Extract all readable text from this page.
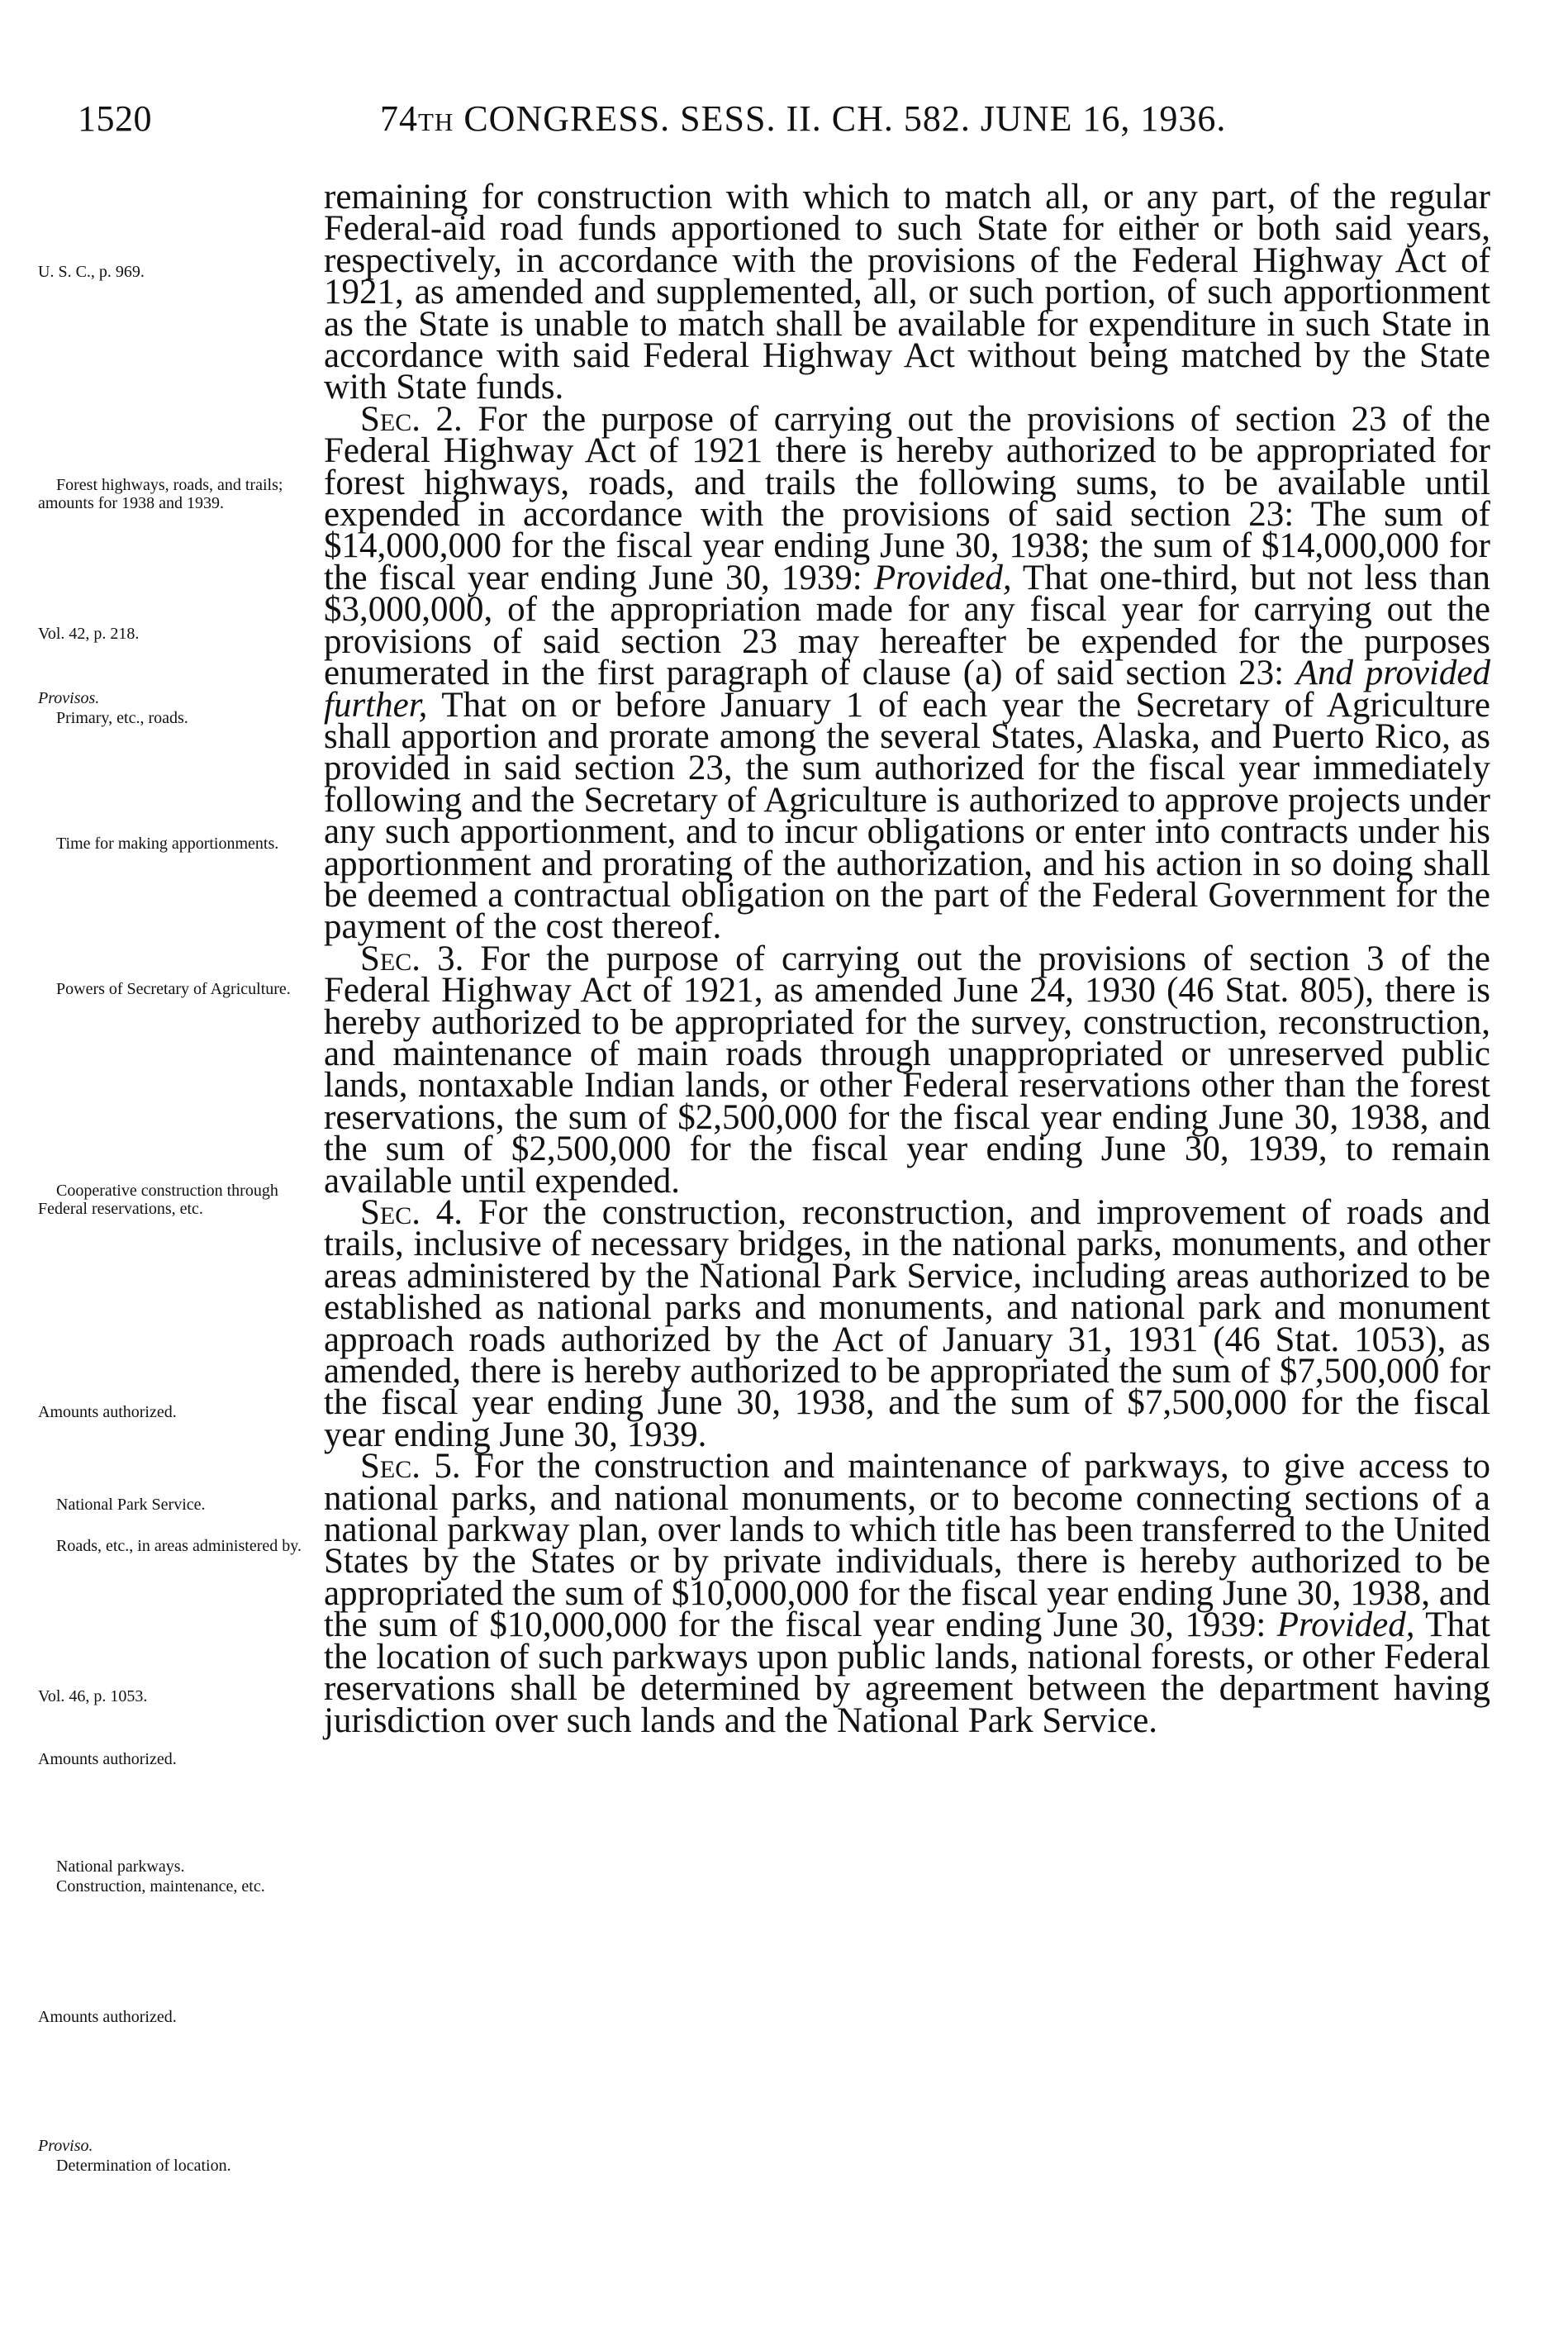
1520	74th CONGRESS. SESS. II. CH. 582. JUNE 16, 1936.

remaining for construction with which to match all, or any part, of the regular Federal-aid road funds apportioned to such State for either or both said years, respectively, in accordance with the provisions of the Federal Highway Act of 1921, as amended and supplemented, all, or such portion, of such apportionment as the State is unable to match shall be available for expenditure in such State in accordance with said Federal Highway Act without being matched by the State with State funds.

Sec. 2. For the purpose of carrying out the provisions of section 23 of the Federal Highway Act of 1921 there is hereby authorized to be appropriated for forest highways, roads, and trails the following sums, to be available until expended in accordance with the provisions of said section 23: The sum of $14,000,000 for the fiscal year ending June 30, 1938; the sum of $14,000,000 for the fiscal year ending June 30, 1939: Provided, That one-third, but not less than $3,000,000, of the appropriation made for any fiscal year for carrying out the provisions of said section 23 may hereafter be expended for the purposes enumerated in the first paragraph of clause (a) of said section 23: And provided further, That on or before January 1 of each year the Secretary of Agriculture shall apportion and prorate among the several States, Alaska, and Puerto Rico, as provided in said section 23, the sum authorized for the fiscal year immediately following and the Secretary of Agriculture is authorized to approve projects under any such apportionment, and to incur obligations or enter into contracts under his apportionment and prorating of the authorization, and his action in so doing shall be deemed a contractual obligation on the part of the Federal Government for the payment of the cost thereof.

Sec. 3. For the purpose of carrying out the provisions of section 3 of the Federal Highway Act of 1921, as amended June 24, 1930 (46 Stat. 805), there is hereby authorized to be appropriated for the survey, construction, reconstruction, and maintenance of main roads through unappropriated or unreserved public lands, nontaxable Indian lands, or other Federal reservations other than the forest reservations, the sum of $2,500,000 for the fiscal year ending June 30, 1938, and the sum of $2,500,000 for the fiscal year ending June 30, 1939, to remain available until expended.

Sec. 4. For the construction, reconstruction, and improvement of roads and trails, inclusive of necessary bridges, in the national parks, monuments, and other areas administered by the National Park Service, including areas authorized to be established as national parks and monuments, and national park and monument approach roads authorized by the Act of January 31, 1931 (46 Stat. 1053), as amended, there is hereby authorized to be appropriated the sum of $7,500,000 for the fiscal year ending June 30, 1938, and the sum of $7,500,000 for the fiscal year ending June 30, 1939.

Sec. 5. For the construction and maintenance of parkways, to give access to national parks, and national monuments, or to become connecting sections of a national parkway plan, over lands to which title has been transferred to the United States by the States or by private individuals, there is hereby authorized to be appropriated the sum of $10,000,000 for the fiscal year ending June 30, 1938, and the sum of $10,000,000 for the fiscal year ending June 30, 1939: Provided, That the location of such parkways upon public lands, national forests, or other Federal reservations shall be determined by agreement between the department having jurisdiction over such lands and the National Park Service.

U. S. C., p. 969.
Forest highways, roads, and trails; amounts for 1938 and 1939.
Vol. 42, p. 218.
Provisos.
Primary, etc., roads.
Time for making apportionments.
Powers of Secretary of Agriculture.
Cooperative construction through Federal reservations, etc.
Amounts authorized.
National Park Service.
Roads, etc., in areas administered by.
Vol. 46, p. 1053.
Amounts authorized.
National parkways.
Construction, maintenance, etc.
Amounts authorized.
Proviso.
Determination of location.
